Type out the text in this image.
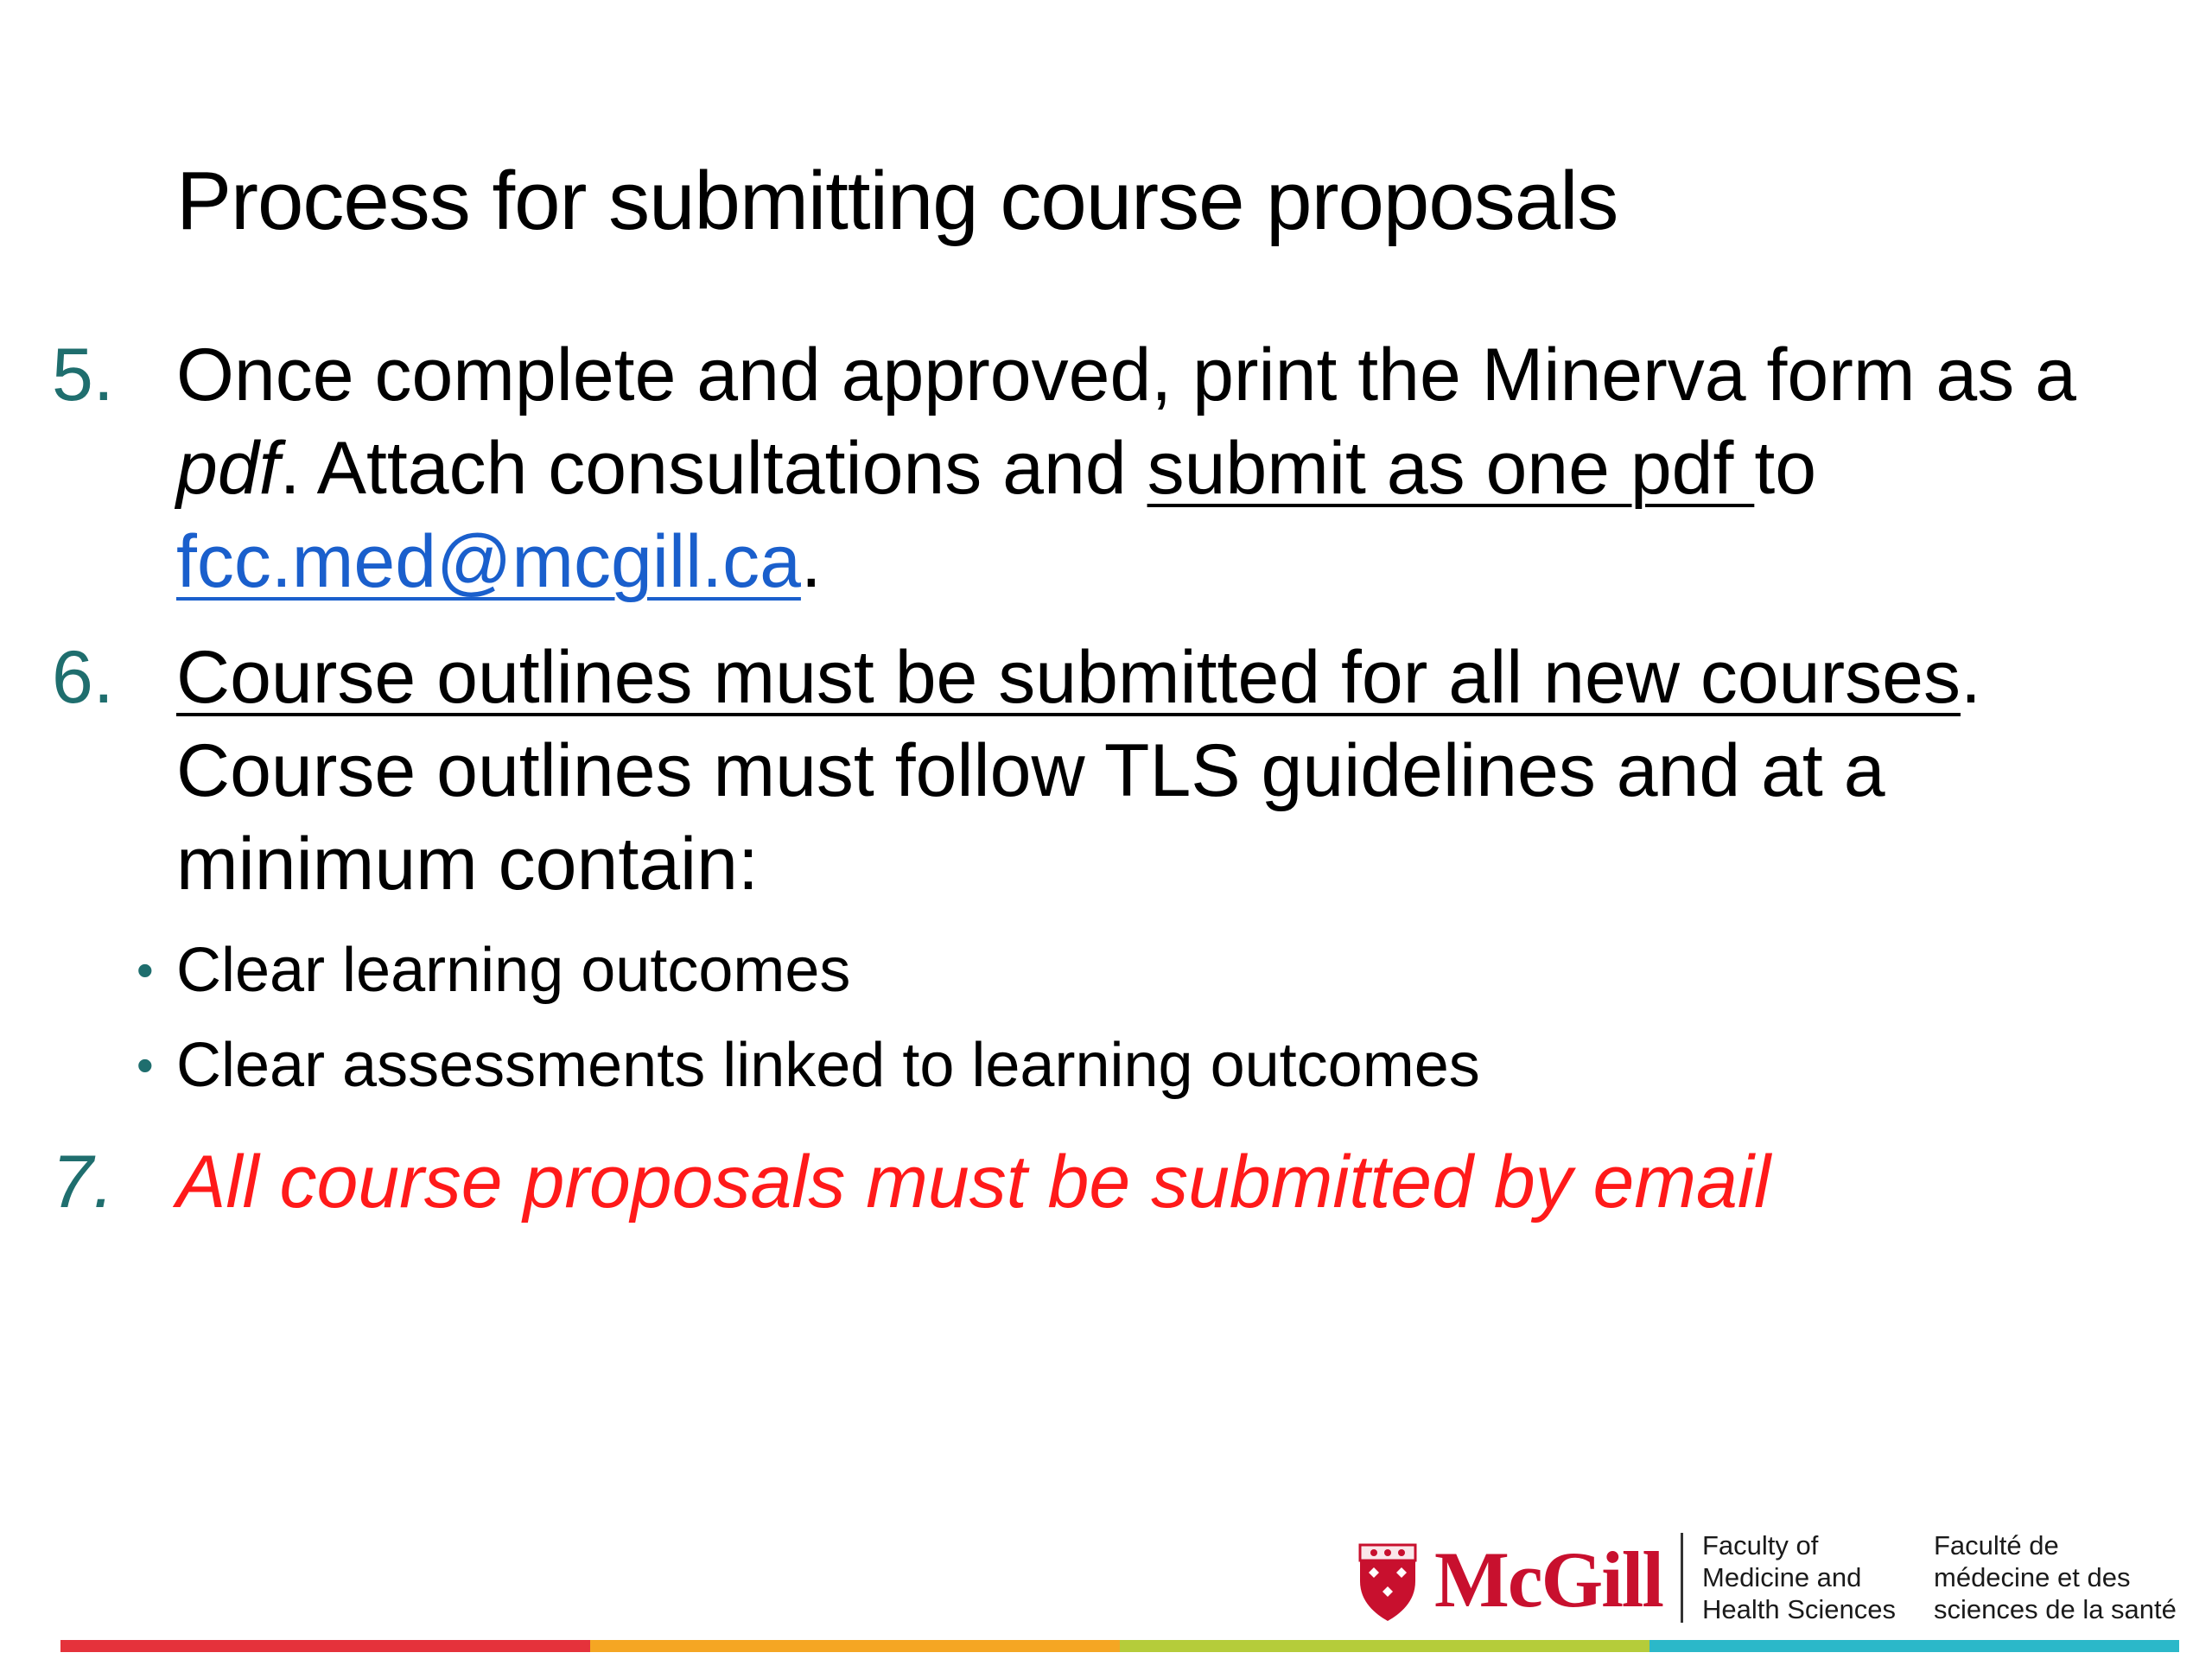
Process for submitting course proposals
5. Once complete and approved, print the Minerva form as a pdf. Attach consultations and submit as one pdf to fcc.med@mcgill.ca.
6. Course outlines must be submitted for all new courses. Course outlines must follow TLS guidelines and at a minimum contain:
• Clear learning outcomes
• Clear assessments linked to learning outcomes
7. All course proposals must be submitted by email
McGill Faculty of
Medicine and
Health Sciences
Faculté de
médecine et des
sciences de la santé
